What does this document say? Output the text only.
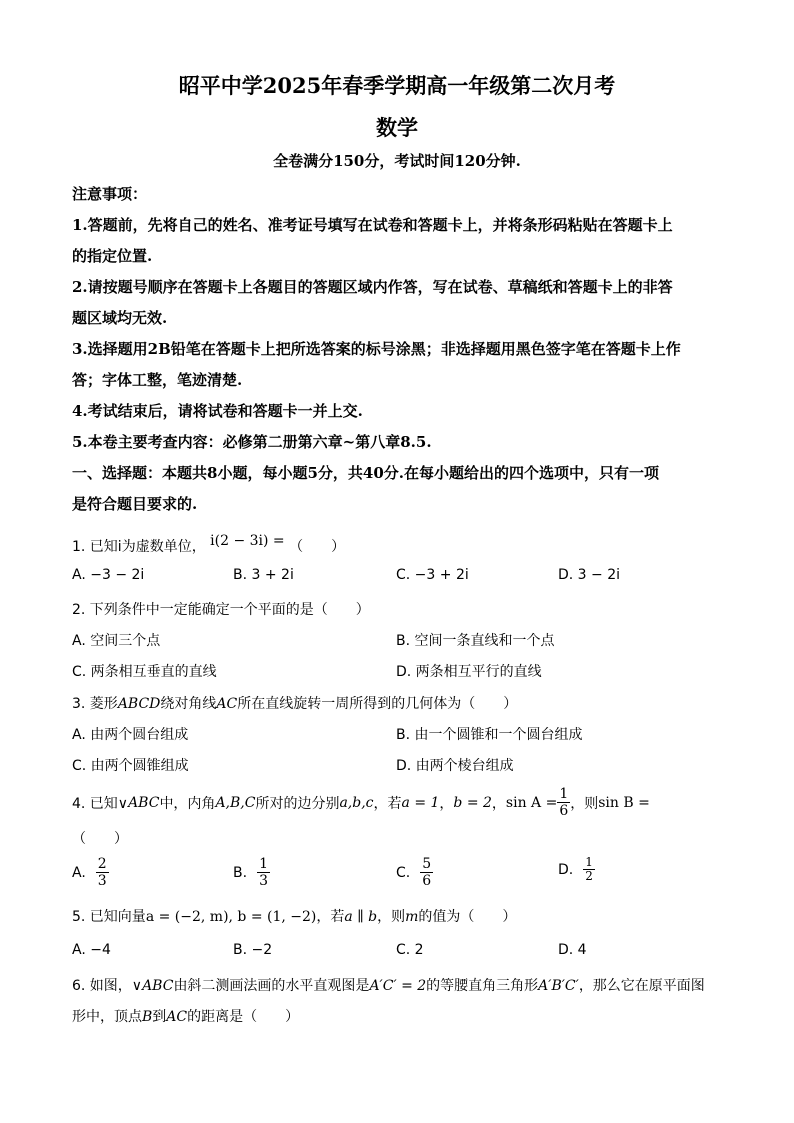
昭平中学2025年春季学期高一年级第二次月考
数学
全卷满分150分，考试时间120分钟.
注意事项：
1.答题前，先将自己的姓名、准考证号填写在试卷和答题卡上，并将条形码粘贴在答题卡上
的指定位置.
2.请按题号顺序在答题卡上各题目的答题区域内作答，写在试卷、草稿纸和答题卡上的非答
题区域均无效.
3.选择题用2B铅笔在答题卡上把所选答案的标号涂黑；非选择题用黑色签字笔在答题卡上作
答；字体工整，笔迹清楚.
4.考试结束后，请将试卷和答题卡一并上交.
5.本卷主要考查内容：必修第二册第六章~第八章8.5.
一、选择题：本题共8小题，每小题5分，共40分.在每小题给出的四个选项中，只有一项
是符合题目要求的.
1. 已知i为虚数单位， i(2 − 3i) = （　　）
A. −3 − 2i	B. 3 + 2i	C. −3 + 2i	D. 3 − 2i
2. 下列条件中一定能确定一个平面的是（　　）
A. 空间三个点	B. 空间一条直线和一个点
C. 两条相互垂直的直线	D. 两条相互平行的直线
3. 菱形ABCD绕对角线AC所在直线旋转一周所得到的几何体为（　　）
A. 由两个圆台组成	B. 由一个圆锥和一个圆台组成
C. 由两个圆锥组成	D. 由两个棱台组成
4. 已知∨ ABC 中，内角 A,B,C 所对的边分别 a,b,c ，若 a = 1 ， b = 2 ， $\sin A = \frac{1}{6}$ ，则 sin B =
（　　）
A. $\frac{2}{3}$	B. $\frac{1}{3}$	C. $\frac{5}{6}$	D. $\frac{1}{2}$
5. 已知向量a = (−2, m), b = (1, −2)，若a ∥ b，则m的值为（　　）
A. −4	B. −2	C. 2	D. 4
6. 如图，∨ABC由斜二测画法画的水平直观图是A′C′ = 2的等腰直角三角形A′B′C′，那么它在原平面图
形中，顶点B到AC的距离是（　　）
